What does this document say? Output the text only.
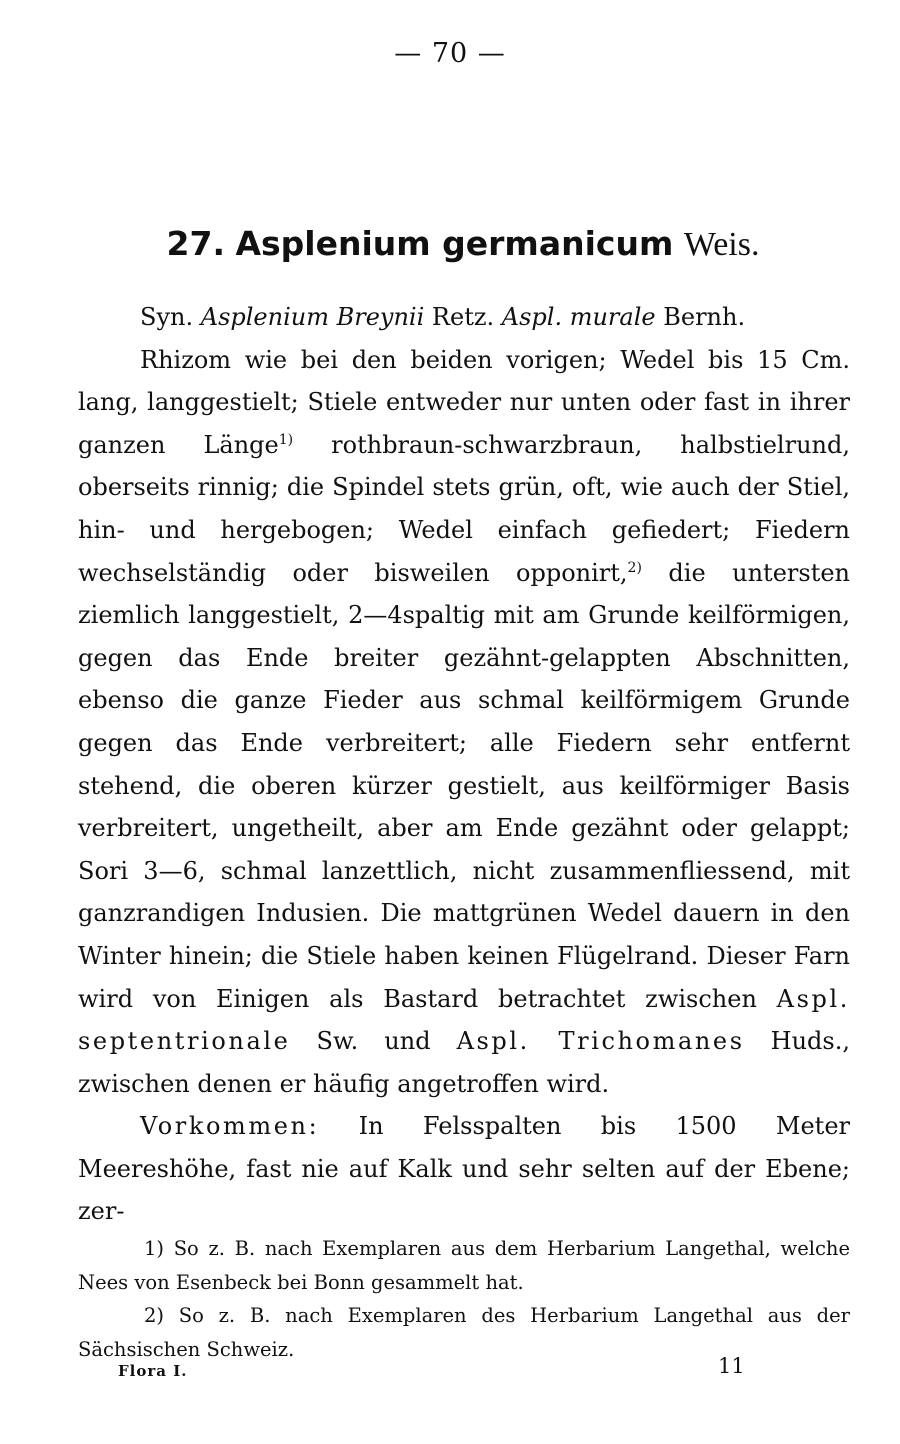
— 70 —
27. Asplenium germanicum Weis.

Syn. Asplenium Breynii Retz. Aspl. murale Bernh.

Rhizom wie bei den beiden vorigen; Wedel bis 15 Cm. lang, langgestielt; Stiele entweder nur unten oder fast in ihrer ganzen Länge$^{1)}$ rothbraun-schwarzbraun, halbstielrund, oberseits rinnig; die Spindel stets grün, oft, wie auch der Stiel, hin- und hergebogen; Wedel einfach gefiedert; Fiedern wechselständig oder bisweilen opponirt,$^{2)}$ die untersten ziemlich langgestielt, 2—4spaltig mit am Grunde keilförmigen, gegen das Ende breiter gezähnt-gelappten Abschnitten, ebenso die ganze Fieder aus schmal keilförmigem Grunde gegen das Ende verbreitert; alle Fiedern sehr entfernt stehend, die oberen kürzer gestielt, aus keilförmiger Basis verbreitert, ungetheilt, aber am Ende gezähnt oder gelappt; Sori 3—6, schmal lanzettlich, nicht zusammenfliessend, mit ganzrandigen Indusien. Die mattgrünen Wedel dauern in den Winter hinein; die Stiele haben keinen Flügelrand. Dieser Farn wird von Einigen als Bastard betrachtet zwischen Aspl. septentrionale Sw. und Aspl. Trichomanes Huds., zwischen denen er häufig angetroffen wird.

Vorkommen: In Felsspalten bis 1500 Meter Meereshöhe, fast nie auf Kalk und sehr selten auf der Ebene; zer-

1) So z. B. nach Exemplaren aus dem Herbarium Langethal, welche Nees von Esenbeck bei Bonn gesammelt hat.

2) So z. B. nach Exemplaren des Herbarium Langethal aus der Sächsischen Schweiz.

Flora I.	11
